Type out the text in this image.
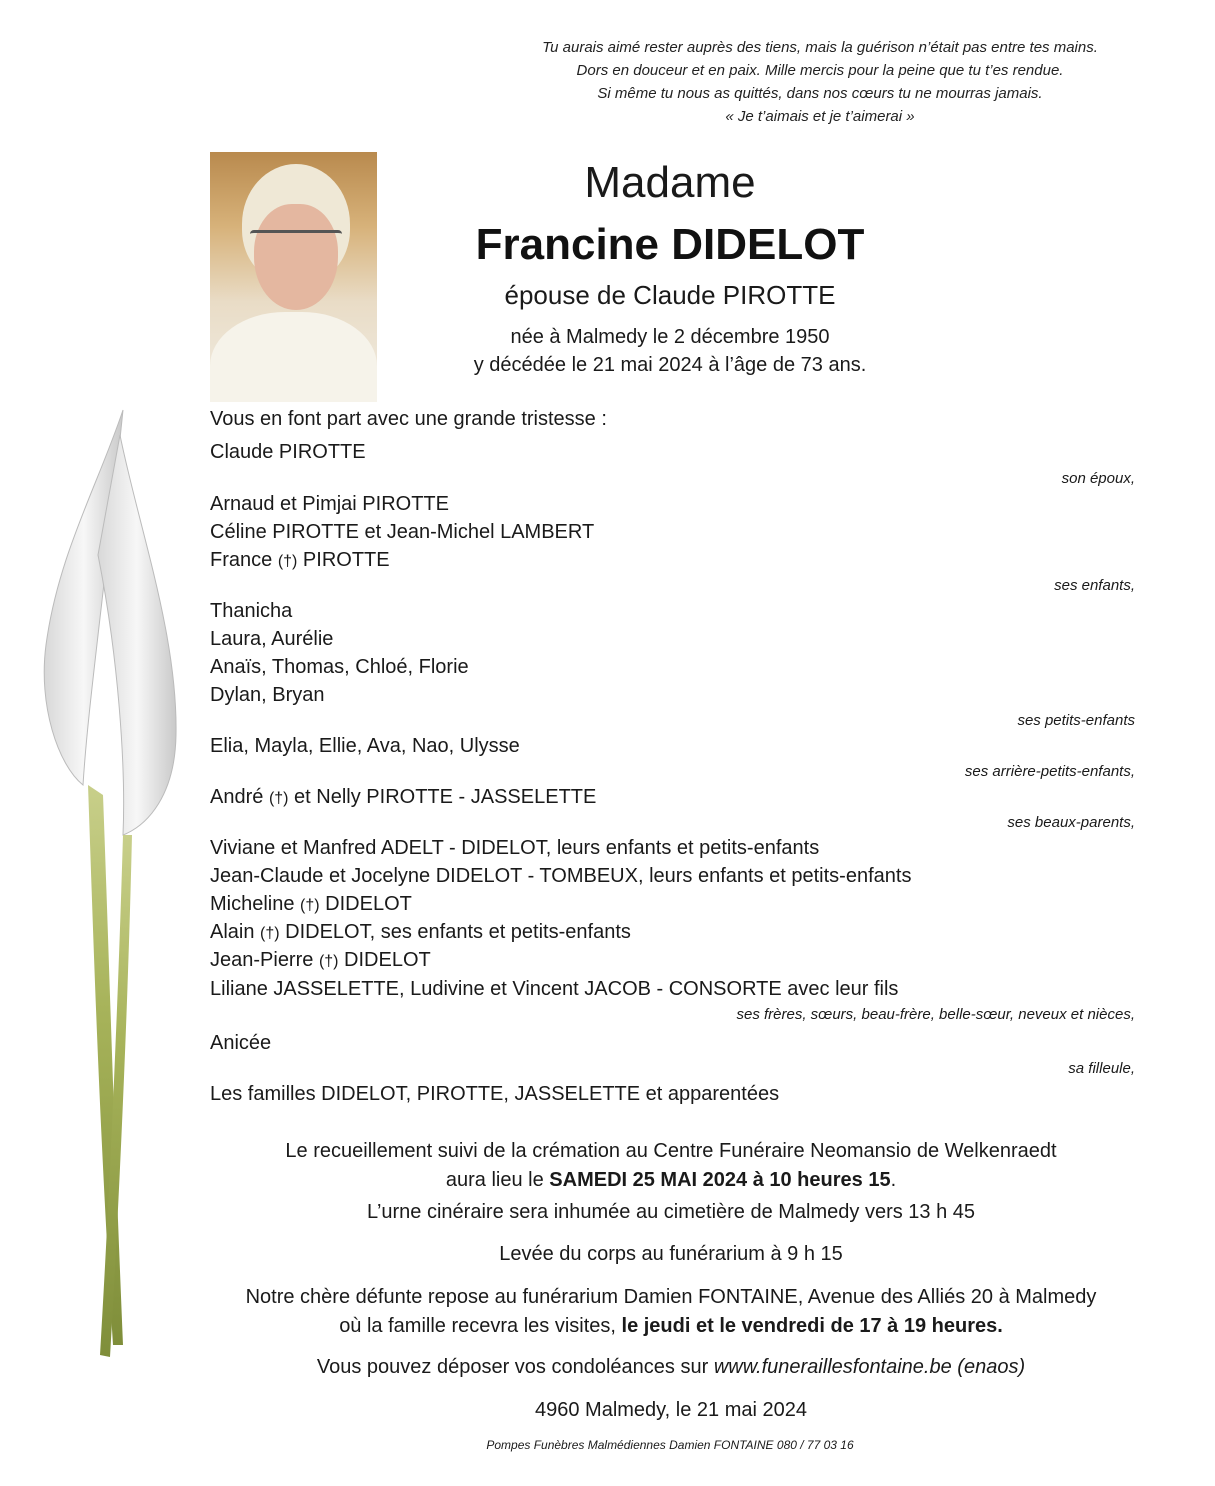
Tu aurais aimé rester auprès des tiens, mais la guérison n’était pas entre tes mains.
Dors en douceur et en paix. Mille mercis pour la peine que tu t’es rendue.
Si même tu nous as quittés, dans nos cœurs tu ne mourras jamais.
« Je t’aimais et je t’aimerai »
Madame
Francine DIDELOT
épouse de Claude PIROTTE
née à Malmedy le 2 décembre 1950
y décédée le 21 mai 2024 à l’âge de 73 ans.
Vous en font part avec une grande tristesse :
Claude PIROTTE
son époux,
Arnaud et Pimjai PIROTTE
Céline PIROTTE et Jean-Michel LAMBERT
France (†) PIROTTE
ses enfants,
Thanicha
Laura, Aurélie
Anaïs, Thomas, Chloé, Florie
Dylan, Bryan
ses petits-enfants
Elia, Mayla, Ellie, Ava, Nao, Ulysse
ses arrière-petits-enfants,
André (†) et Nelly PIROTTE - JASSELETTE
ses beaux-parents,
Viviane et Manfred ADELT - DIDELOT, leurs enfants et petits-enfants
Jean-Claude et Jocelyne DIDELOT - TOMBEUX, leurs enfants et petits-enfants
Micheline (†) DIDELOT
Alain (†) DIDELOT, ses enfants et petits-enfants
Jean-Pierre (†) DIDELOT
Liliane JASSELETTE, Ludivine et Vincent JACOB - CONSORTE avec leur fils
ses frères, sœurs, beau-frère, belle-sœur, neveux et nièces,
Anicée
sa filleule,
Les familles DIDELOT, PIROTTE, JASSELETTE et apparentées
Le recueillement suivi de la crémation au Centre Funéraire Neomansio de Welkenraedt
aura lieu le SAMEDI 25 MAI 2024 à 10 heures 15.
L’urne cinéraire sera inhumée au cimetière de Malmedy vers 13 h 45
Levée du corps au funérarium à 9 h 15
Notre chère défunte repose au funérarium Damien FONTAINE, Avenue des Alliés 20 à Malmedy
où la famille recevra les visites, le jeudi et le vendredi de 17 à 19 heures.
Vous pouvez déposer vos condoléances sur www.funeraillesfontaine.be (enaos)
4960 Malmedy, le 21 mai 2024
Pompes Funèbres Malmédiennes Damien FONTAINE 080 / 77 03 16
